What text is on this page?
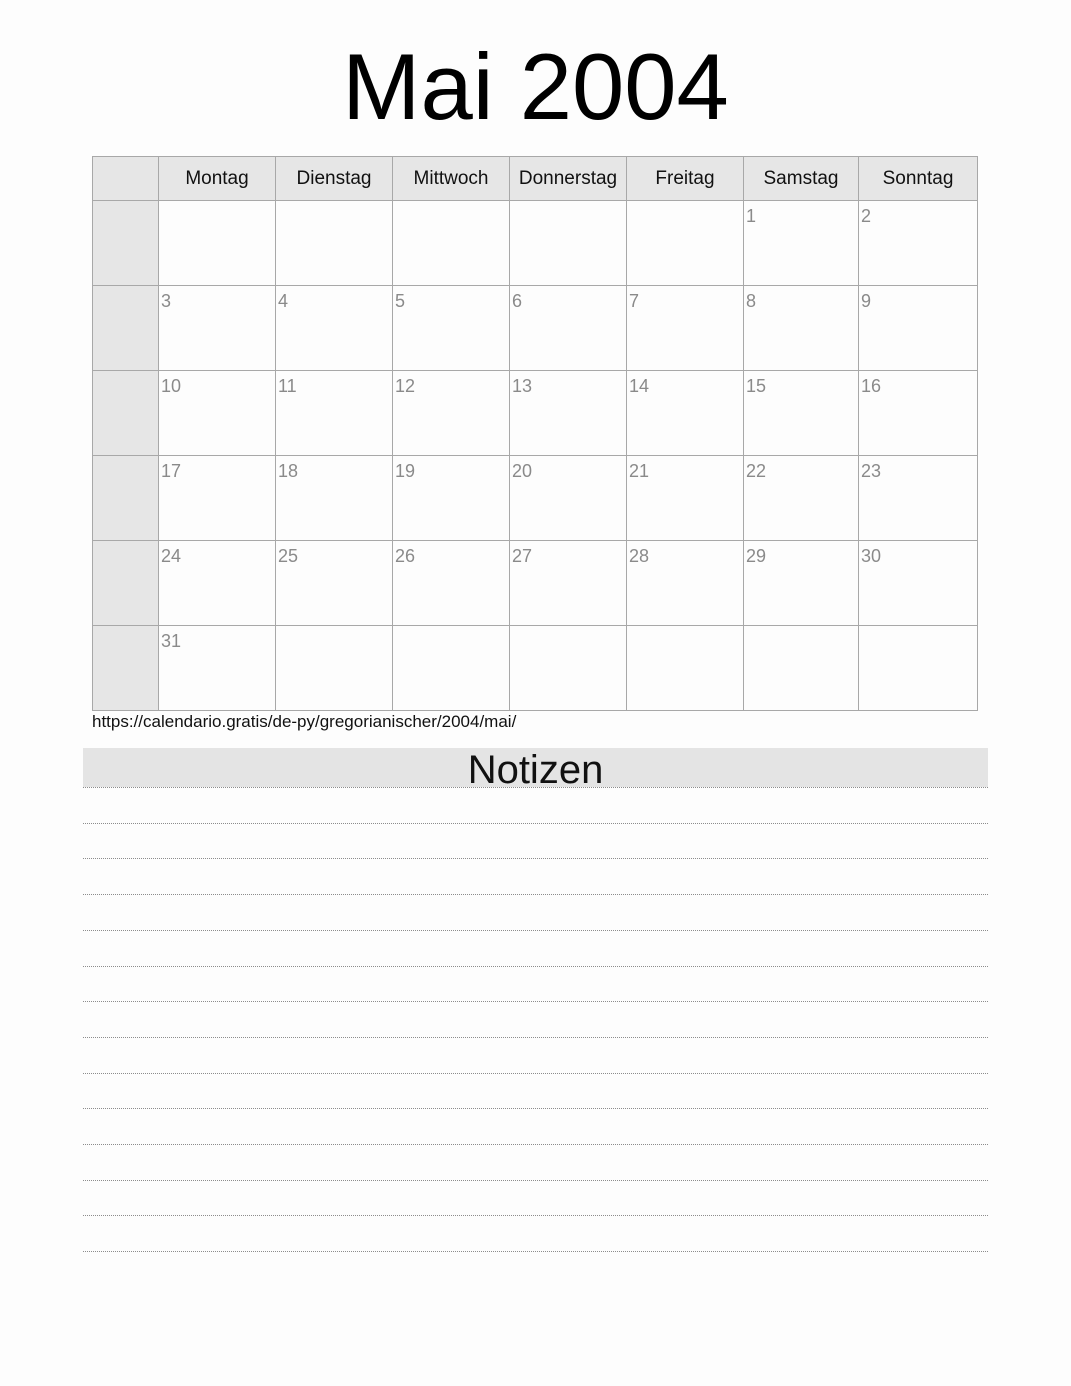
Mai 2004
	Montag	Dienstag	Mittwoch	Donnerstag	Freitag	Samstag	Sonntag

						1	2

	3	4	5	6	7	8	9

	10	11	12	13	14	15	16

	17	18	19	20	21	22	23

	24	25	26	27	28	29	30

	31						

https://calendario.gratis/de-py/gregorianischer/2004/mai/
Notizen
